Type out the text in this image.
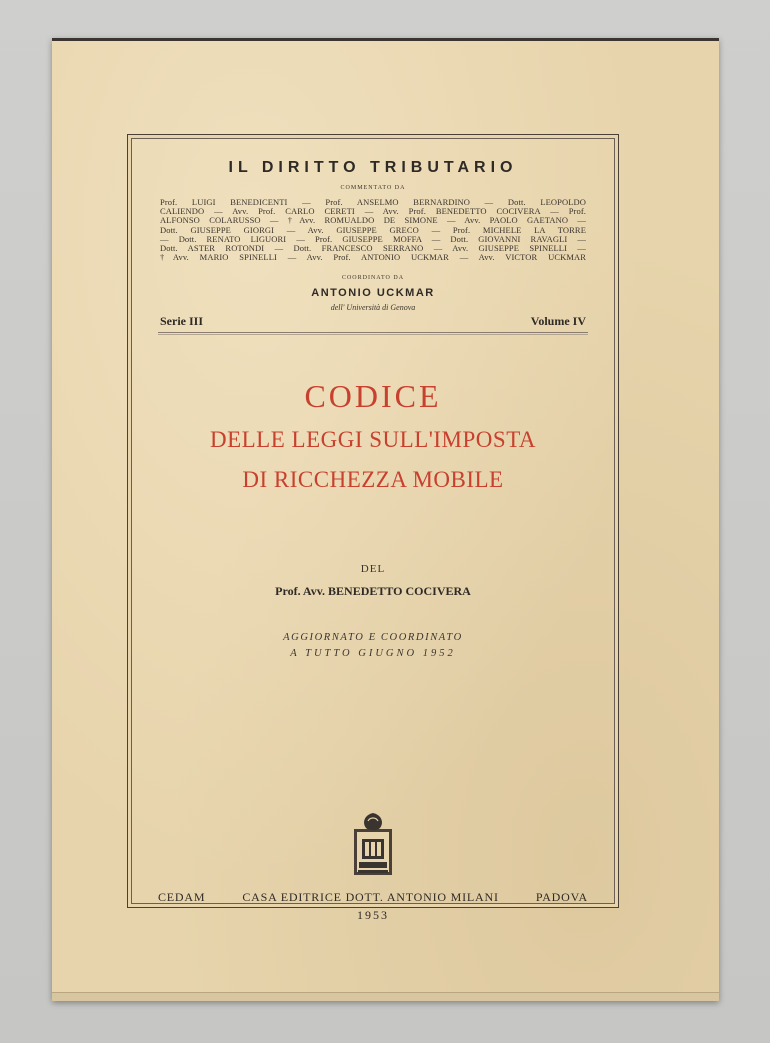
IL DIRITTO TRIBUTARIO
COMMENTATO DA
Prof. LUIGI BENEDICENTI — Prof. ANSELMO BERNARDINO — Dott. LEOPOLDO
CALIENDO — Avv. Prof. CARLO CERETI — Avv. Prof. BENEDETTO COCIVERA — Prof.
ALFONSO COLARUSSO — †Avv. ROMUALDO DE SIMONE — Avv. PAOLO GAETANO —
Dott. GIUSEPPE GIORGI — Avv. GIUSEPPE GRECO — Prof. MICHELE LA TORRE
— Dott. RENATO LIGUORI — Prof. GIUSEPPE MOFFA — Dott. GIOVANNI RAVAGLI —
Dott. ASTER ROTONDI — Dott. FRANCESCO SERRANO — Avv. GIUSEPPE SPINELLI —
†Avv. MARIO SPINELLI — Avv. Prof. ANTONIO UCKMAR — Avv. VICTOR UCKMAR
COORDINATO DA
ANTONIO UCKMAR
dell' Università di Genova
Serie III	Volume IV
CODICE
DELLE LEGGI SULL'IMPOSTA
DI RICCHEZZA MOBILE
DEL
Prof. Avv. BENEDETTO COCIVERA
AGGIORNATO E COORDINATO
A TUTTO GIUGNO 1952
CEDAM	CASA EDITRICE DOTT. ANTONIO MILANI	PADOVA
1953
